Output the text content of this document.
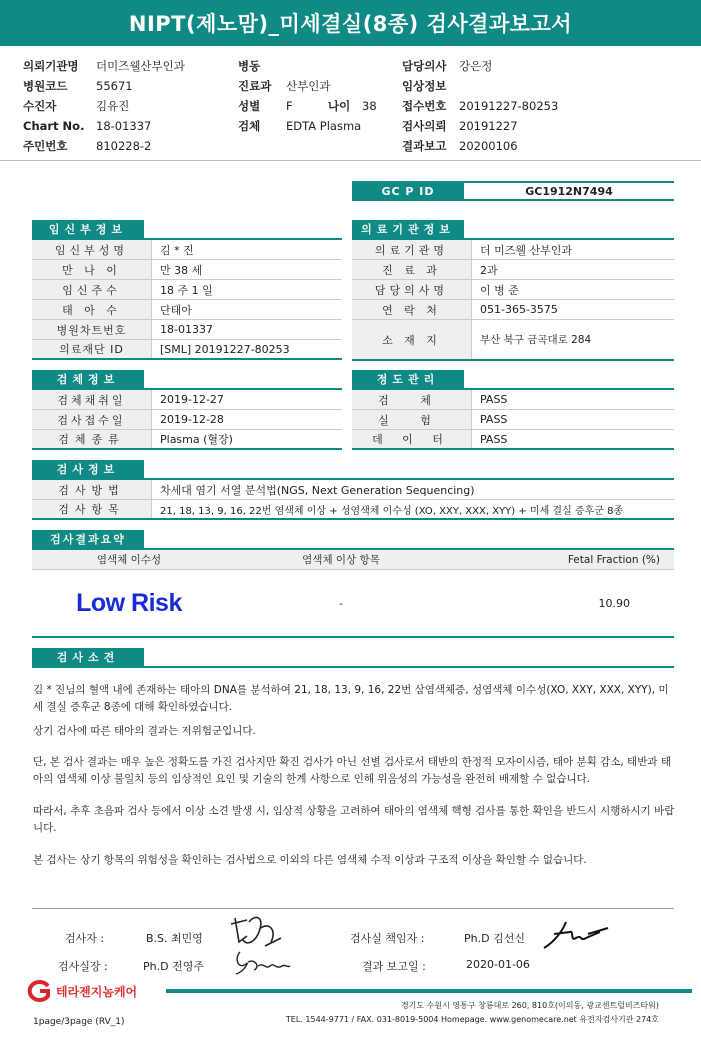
NIPT(제노맘)_미세결실(8종) 검사결과보고서
의뢰기관명	더미즈웰산부인과
병원코드	55671
수진자	김유진
Chart No.	18-01337
주민번호	810228-2
병동
진료과	산부인과
성별	F	나이	38
검체	EDTA Plasma
담당의사	강은정
임상정보
접수번호	20191227-80253
검사의뢰	20191227
결과보고	20200106
GC P ID	GC1912N7494
임신부정보
임신부성명	김 * 진
만 나 이	만 38 세
임신주수	18 주 1 일
태 아 수	단태아
병원차트번호	18-01337
의료재단 ID	[SML] 20191227-80253
의료기관정보
의료기관명	더 미즈웰 산부인과
진 료 과	2과
담당의사명	이 병 준
연 락 처	051-365-3575
소 재 지	부산 북구 금곡대로 284
검체정보
검체채취일	2019-12-27
검사접수일	2019-12-28
검체종류	Plasma (혈장)
정도관리
검 체	PASS
실 험	PASS
데 이 터	PASS
검사정보
검사방법	차세대 염기 서열 분석법(NGS, Next Generation Sequencing)
검사항목	21, 18, 13, 9, 16, 22번 염색체 이상 + 성염색체 이수성 (XO, XXY, XXX, XYY) + 미세 결실 증후군 8종
검사결과요약
염색체 이수성	염색체 이상 항목	Fetal Fraction (%)
Low Risk	-	10.90
검사소견
김 * 진님의 혈액 내에 존재하는 태아의 DNA를 분석하여 21, 18, 13, 9, 16, 22번 삼염색체증, 성염색체 이수성(XO, XXY, XXX, XYY), 미세 결실 증후군 8종에 대해 확인하였습니다.
상기 검사에 따른 태아의 결과는 저위험군입니다.
단, 본 검사 결과는 매우 높은 정확도를 가진 검사지만 확진 검사가 아닌 선별 검사로서 태반의 한정적 모자이시즘, 태아 분획 감소, 태반과 태아의 염색체 이상 불일치 등의 임상적인 요인 및 기술의 한계 사항으로 인해 위음성의 가능성을 완전히 배제할 수 없습니다.
따라서, 추후 초음파 검사 등에서 이상 소견 발생 시, 임상적 상황을 고려하여 태아의 염색체 핵형 검사를 통한 확인을 반드시 시행하시기 바랍니다.
본 검사는 상기 항목의 위험성을 확인하는 검사법으로 이외의 다른 염색체 수적 이상과 구조적 이상을 확인할 수 없습니다.
검사자 :	B.S. 최민영
검사실장 :	Ph.D 전영주
검사실 책임자 :	Ph.D 김선신
결과 보고일 :	2020-01-06
테라젠지놈케어
경기도 수원시 영통구 창룡대로 260, 810호(이의동, 광교센트럴비즈타워)
TEL. 1544-9771 / FAX. 031-8019-5004 Homepage. www.genomecare.net 유전자검사기관 274호
1page/3page (RV_1)
